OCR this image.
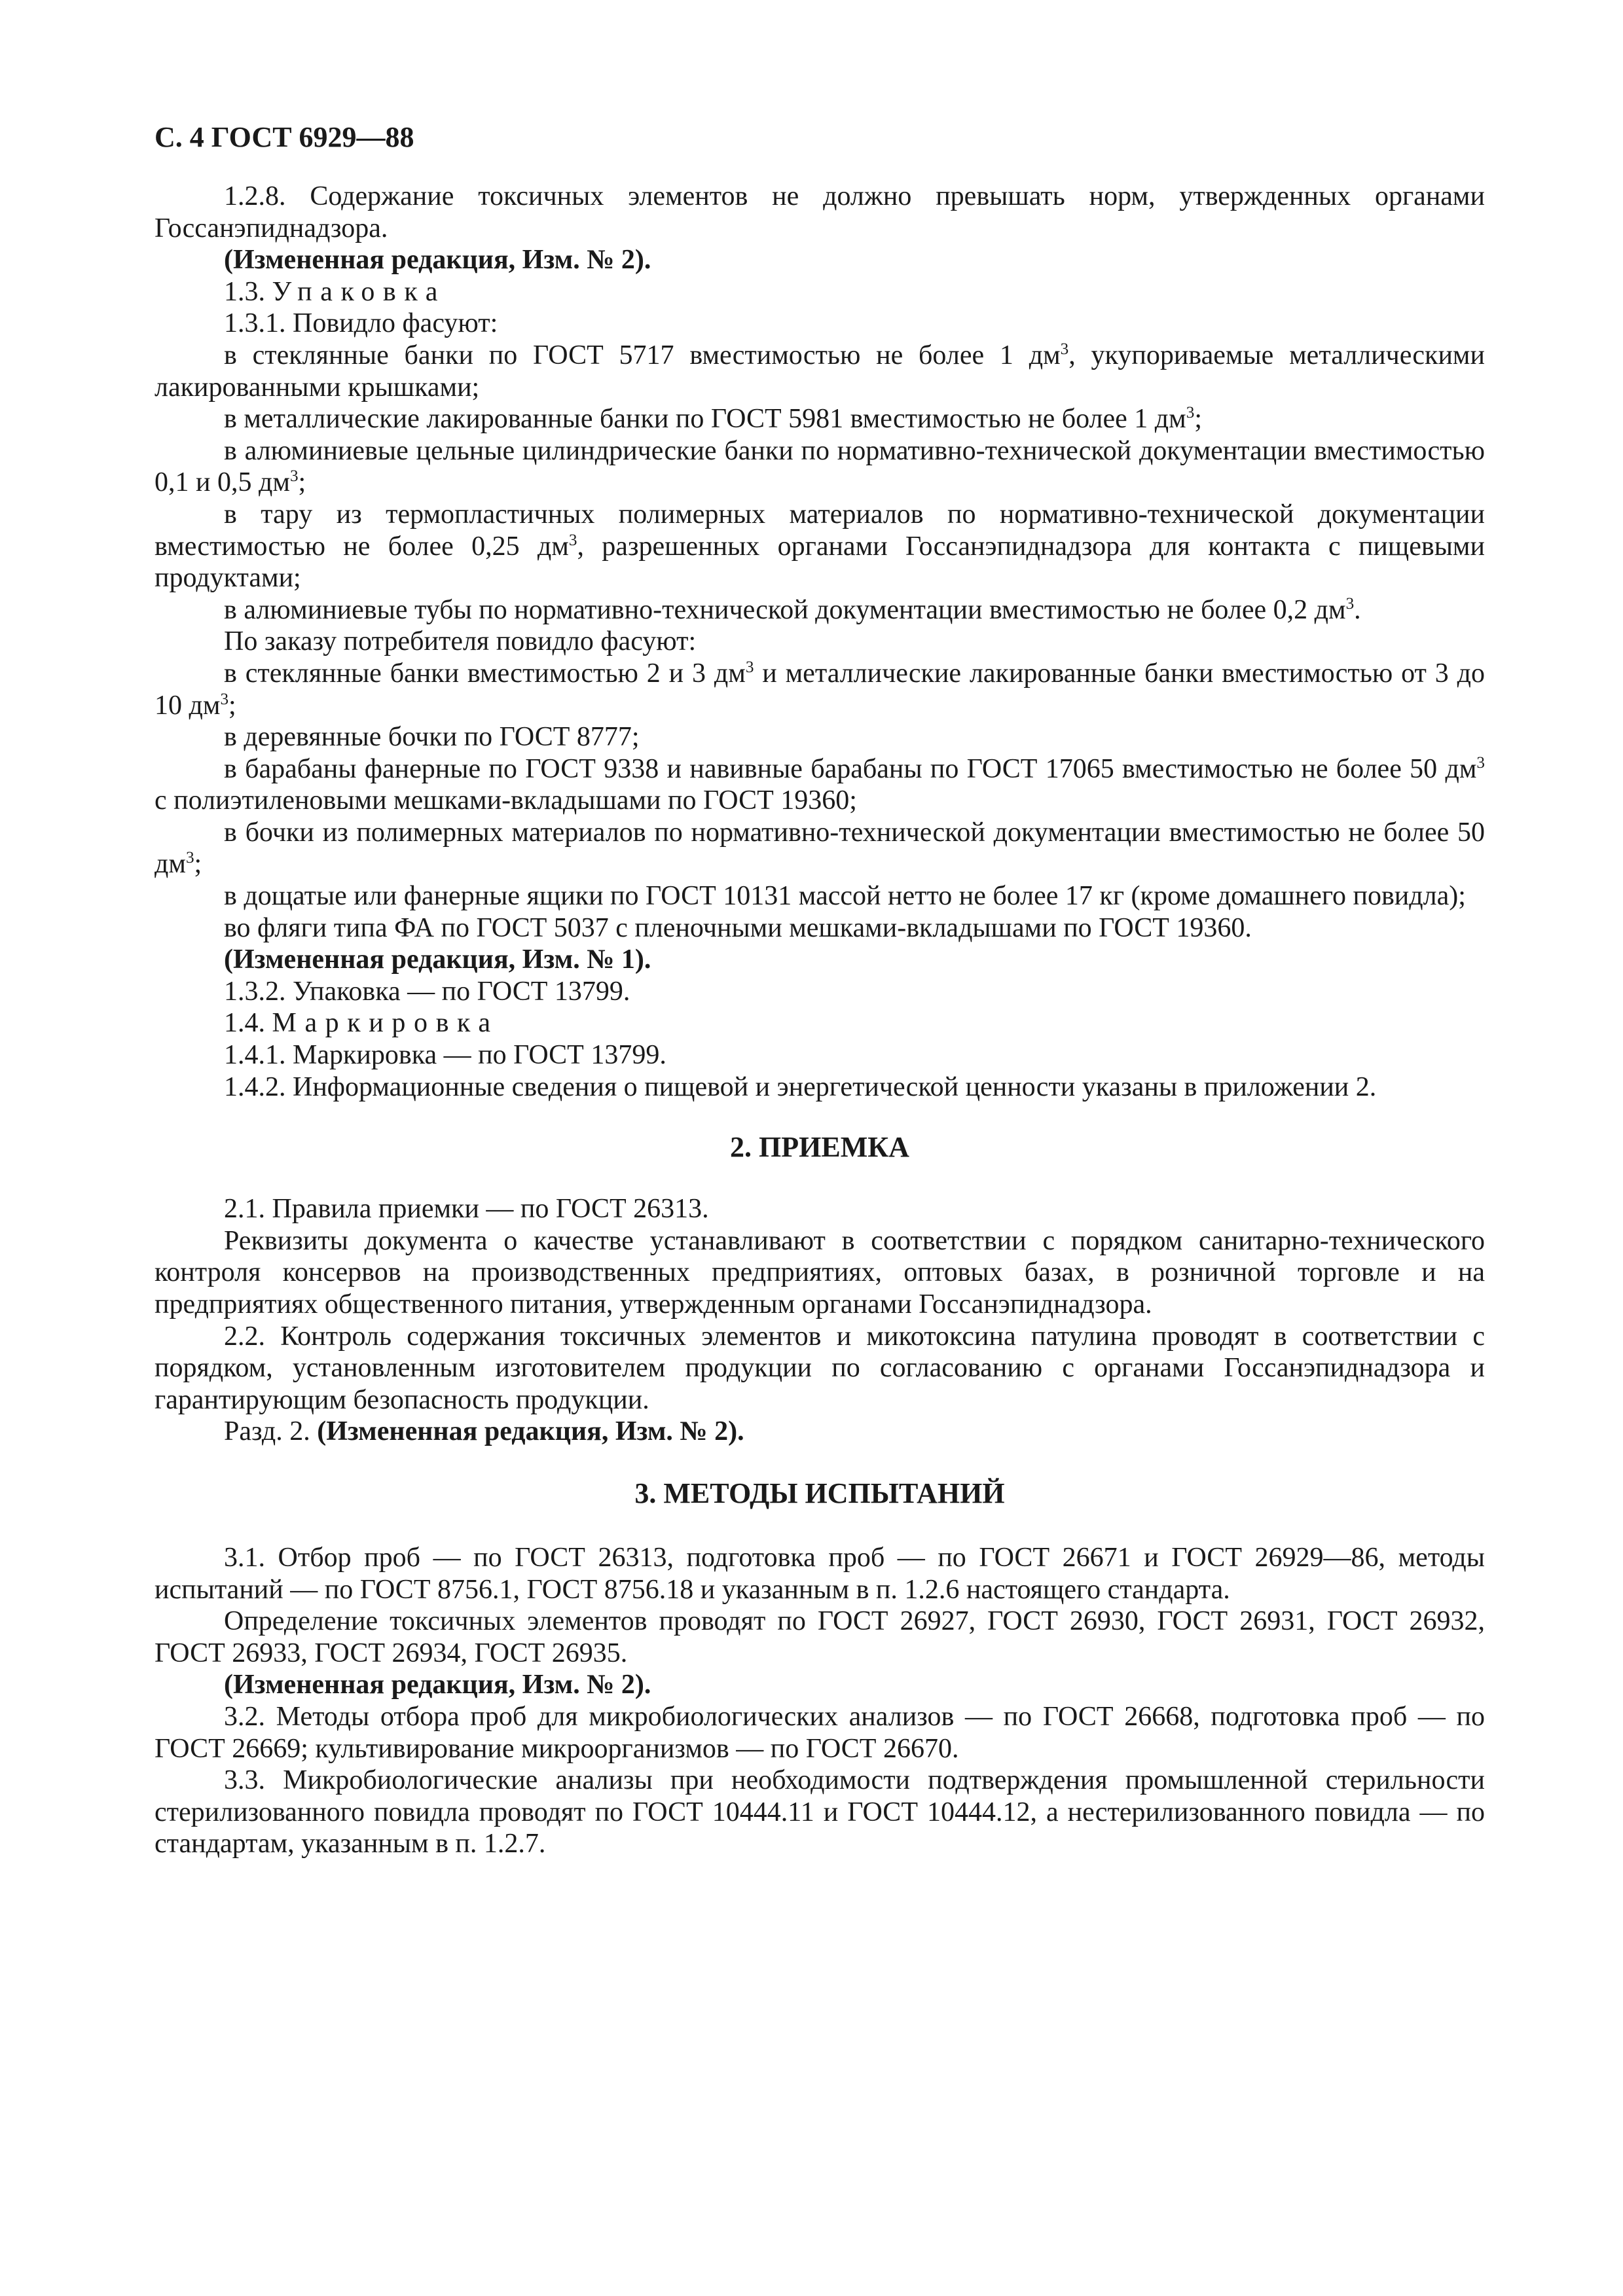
С. 4 ГОСТ 6929—88

1.2.8. Содержание токсичных элементов не должно превышать норм, утвержденных органами Госсанэпиднадзора.

(Измененная редакция, Изм. № 2).

1.3. Упаковка

1.3.1. Повидло фасуют:

в стеклянные банки по ГОСТ 5717 вместимостью не более 1 $дм^3$, укупориваемые металлическими лакированными крышками;

в металлические лакированные банки по ГОСТ 5981 вместимостью не более 1 $дм^3$;

в алюминиевые цельные цилиндрические банки по нормативно-технической документации вместимостью 0,1 и 0,5 $дм^3$;

в тару из термопластичных полимерных материалов по нормативно-технической документации вместимостью не более 0,25 $дм^3$, разрешенных органами Госсанэпиднадзора для контакта с пищевыми продуктами;

в алюминиевые тубы по нормативно-технической документации вместимостью не более 0,2 $дм^3$.

По заказу потребителя повидло фасуют:

в стеклянные банки вместимостью 2 и 3 $дм^3$ и металлические лакированные банки вместимостью от 3 до 10 $дм^3$;

в деревянные бочки по ГОСТ 8777;

в барабаны фанерные по ГОСТ 9338 и навивные барабаны по ГОСТ 17065 вместимостью не более 50 $дм^3$ с полиэтиленовыми мешками-вкладышами по ГОСТ 19360;

в бочки из полимерных материалов по нормативно-технической документации вместимостью не более 50 $дм^3$;

в дощатые или фанерные ящики по ГОСТ 10131 массой нетто не более 17 кг (кроме домашнего повидла);

во фляги типа ФА по ГОСТ 5037 с пленочными мешками-вкладышами по ГОСТ 19360.

(Измененная редакция, Изм. № 1).

1.3.2. Упаковка — по ГОСТ 13799.

1.4. Маркировка

1.4.1. Маркировка — по ГОСТ 13799.

1.4.2. Информационные сведения о пищевой и энергетической ценности указаны в приложении 2.

2. ПРИЕМКА

2.1. Правила приемки — по ГОСТ 26313.

Реквизиты документа о качестве устанавливают в соответствии с порядком санитарно-технического контроля консервов на производственных предприятиях, оптовых базах, в розничной торговле и на предприятиях общественного питания, утвержденным органами Госсанэпиднадзора.

2.2. Контроль содержания токсичных элементов и микотоксина патулина проводят в соответствии с порядком, установленным изготовителем продукции по согласованию с органами Госсанэпиднадзора и гарантирующим безопасность продукции.

Разд. 2. (Измененная редакция, Изм. № 2).

3. МЕТОДЫ ИСПЫТАНИЙ

3.1. Отбор проб — по ГОСТ 26313, подготовка проб — по ГОСТ 26671 и ГОСТ 26929—86, методы испытаний — по ГОСТ 8756.1, ГОСТ 8756.18 и указанным в п. 1.2.6 настоящего стандарта.

Определение токсичных элементов проводят по ГОСТ 26927, ГОСТ 26930, ГОСТ 26931, ГОСТ 26932, ГОСТ 26933, ГОСТ 26934, ГОСТ 26935.

(Измененная редакция, Изм. № 2).

3.2. Методы отбора проб для микробиологических анализов — по ГОСТ 26668, подготовка проб — по ГОСТ 26669; культивирование микроорганизмов — по ГОСТ 26670.

3.3. Микробиологические анализы при необходимости подтверждения промышленной стерильности стерилизованного повидла проводят по ГОСТ 10444.11 и ГОСТ 10444.12, а нестерилизованного повидла — по стандартам, указанным в п. 1.2.7.
